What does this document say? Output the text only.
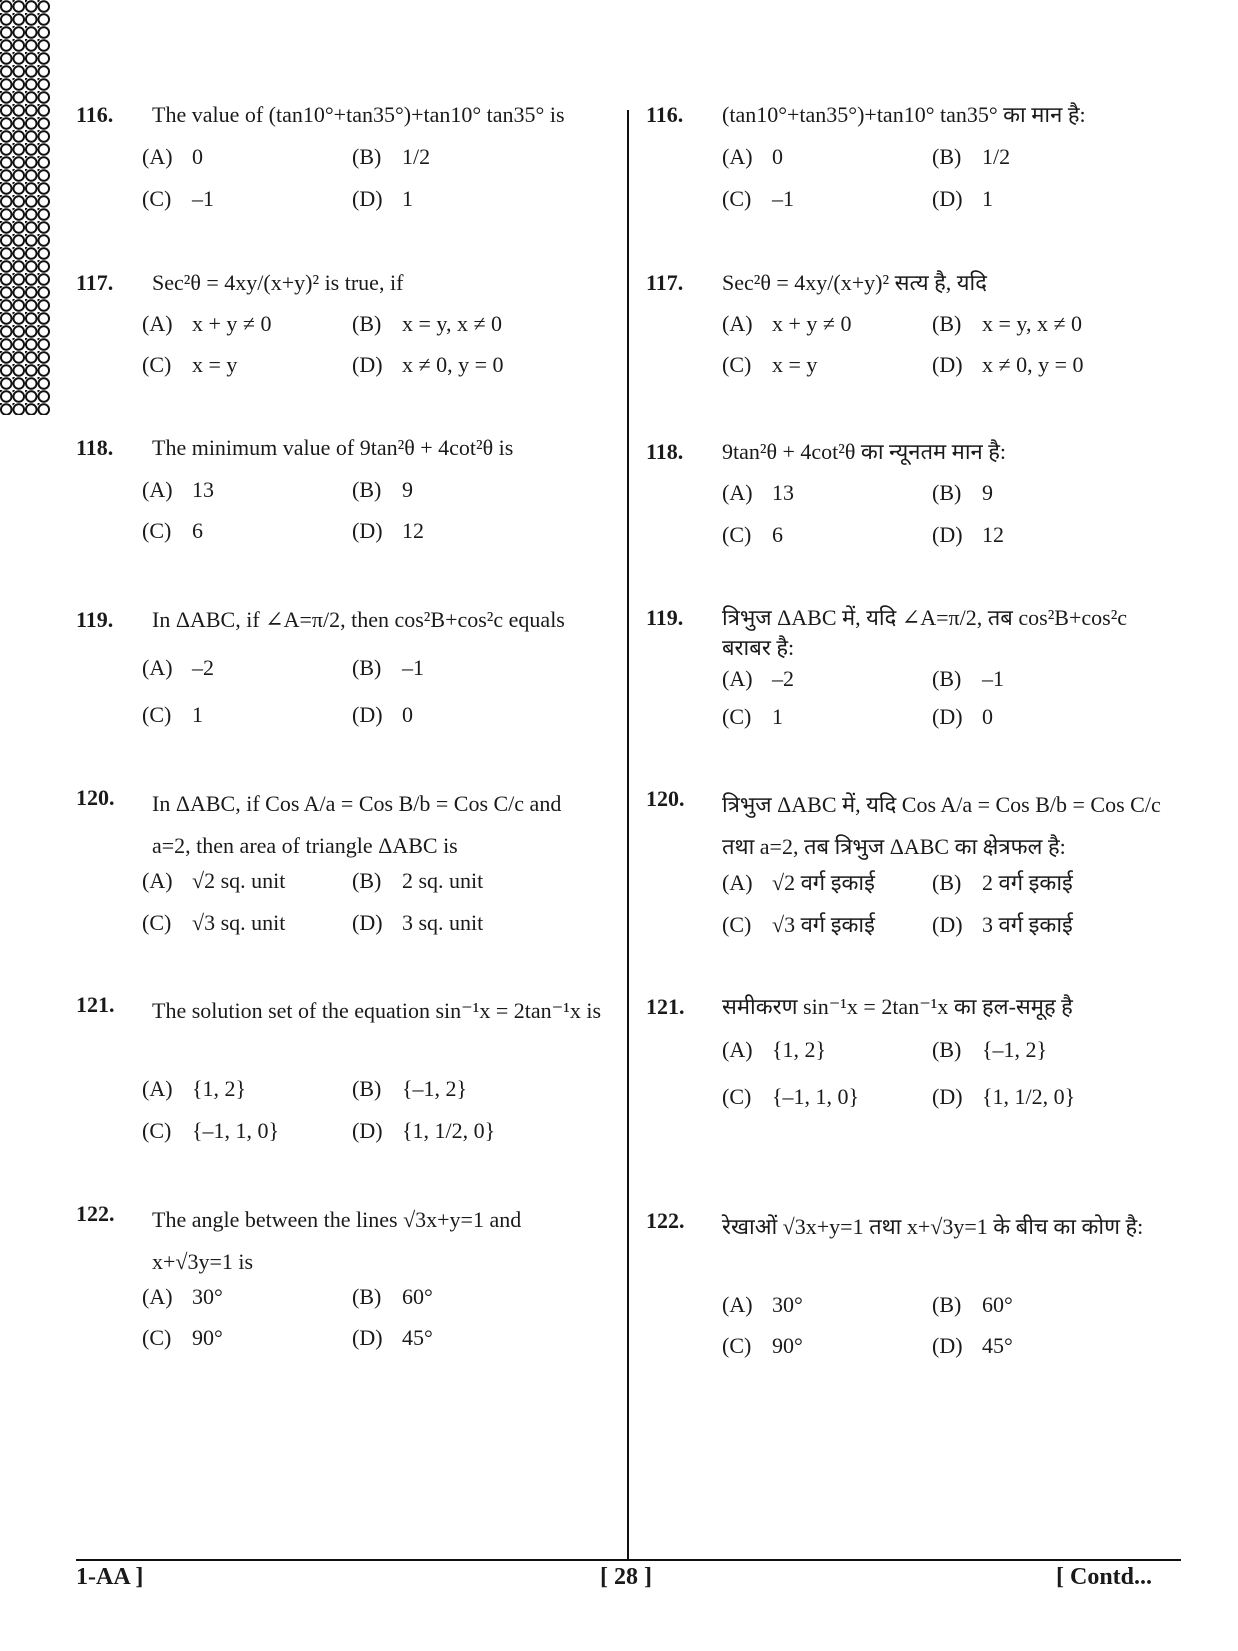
116. The value of (tan10°+tan35°)+tan10° tan35° is
(A) 0	(B) 1/2
(C) –1	(D) 1
117. Sec²θ = 4xy/(x+y)² is true, if
(A) x + y ≠ 0	(B) x = y, x ≠ 0
(C) x = y	(D) x ≠ 0, y = 0
118. The minimum value of 9tan²θ + 4cot²θ is
(A) 13	(B) 9
(C) 6	(D) 12
119. In ΔABC, if ∠A=π/2, then cos²B+cos²c equals
(A) –2	(B) –1
(C) 1	(D) 0
120. In ΔABC, if Cos A/a = Cos B/b = Cos C/c and a=2, then area of triangle ΔABC is
(A) √2 sq. unit	(B) 2 sq. unit
(C) √3 sq. unit	(D) 3 sq. unit
121. The solution set of the equation sin⁻¹x = 2tan⁻¹x is
(A) {1, 2}	(B) {–1, 2}
(C) {–1, 1, 0}	(D) {1, 1/2, 0}
122. The angle between the lines √3x+y=1 and x+√3y=1 is
(A) 30°	(B) 60°
(C) 90°	(D) 45°
116. (tan10°+tan35°)+tan10° tan35° का मान है:
(A) 0	(B) 1/2
(C) –1	(D) 1
117. Sec²θ = 4xy/(x+y)² सत्य है, यदि
(A) x + y ≠ 0	(B) x = y, x ≠ 0
(C) x = y	(D) x ≠ 0, y = 0
118. 9tan²θ + 4cot²θ का न्यूनतम मान है:
(A) 13	(B) 9
(C) 6	(D) 12
119. त्रिभुज ΔABC में, यदि ∠A=π/2, तब cos²B+cos²c बराबर है:
(A) –2	(B) –1
(C) 1	(D) 0
120. त्रिभुज ΔABC में, यदि Cos A/a = Cos B/b = Cos C/c तथा a=2, तब त्रिभुज ΔABC का क्षेत्रफल है:
(A) √2 वर्ग इकाई	(B) 2 वर्ग इकाई
(C) √3 वर्ग इकाई	(D) 3 वर्ग इकाई
121. समीकरण sin⁻¹x = 2tan⁻¹x का हल-समूह है
(A) {1, 2}	(B) {–1, 2}
(C) {–1, 1, 0}	(D) {1, 1/2, 0}
122. रेखाओं √3x+y=1 तथा x+√3y=1 के बीच का कोण है:
(A) 30°	(B) 60°
(C) 90°	(D) 45°
1-AA ]	[ 28 ]	[ Contd...
